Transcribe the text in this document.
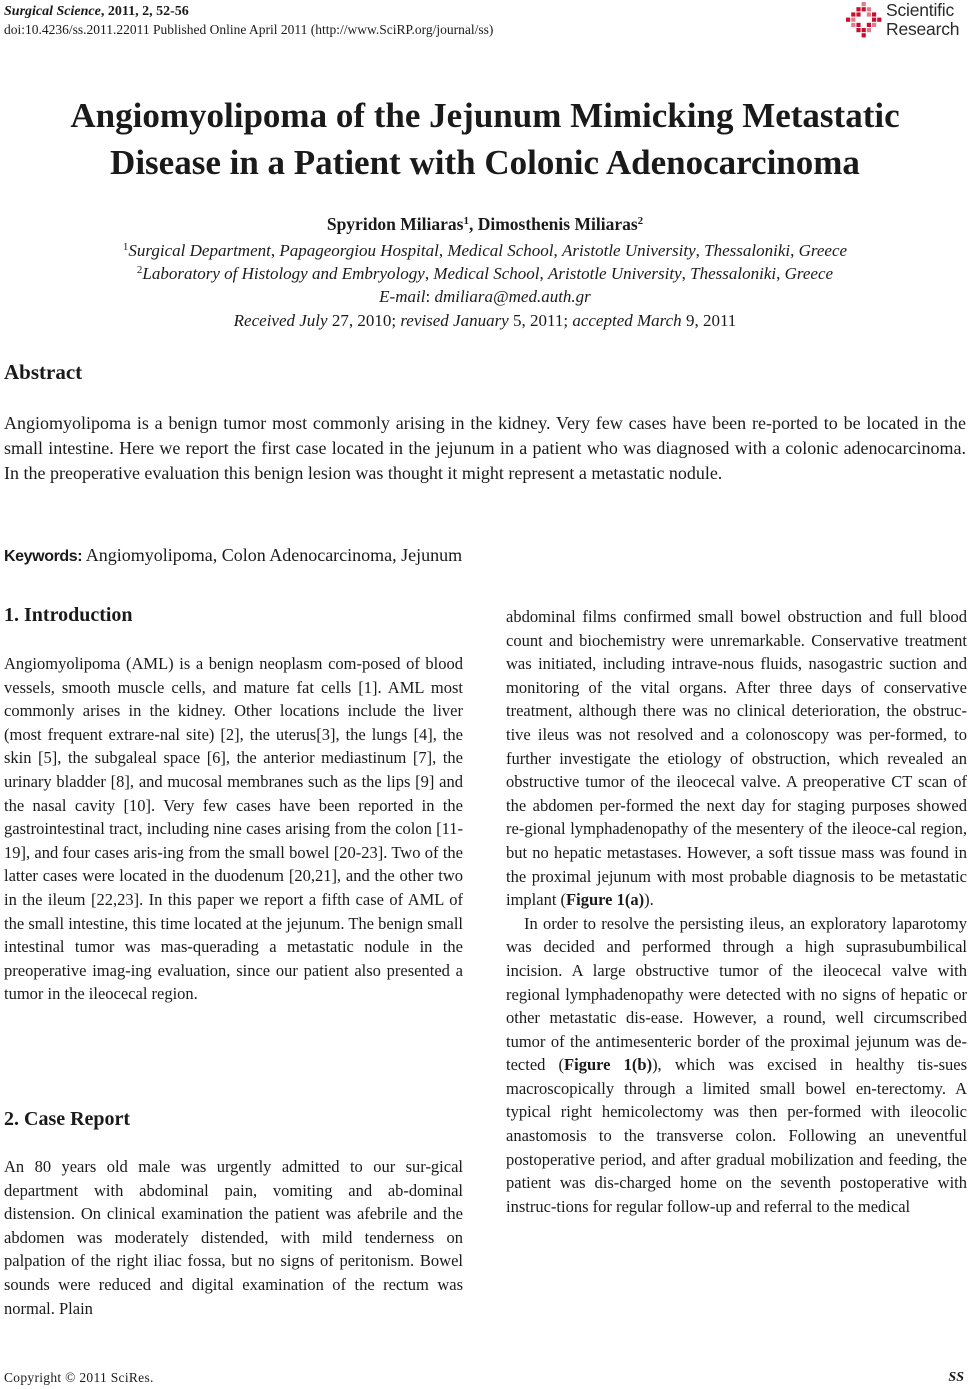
Surgical Science, 2011, 2, 52-56
doi:10.4236/ss.2011.22011 Published Online April 2011 (http://www.SciRP.org/journal/ss)
Scientific
Research
Angiomyolipoma of the Jejunum Mimicking Metastatic
Disease in a Patient with Colonic Adenocarcinoma
Spyridon Miliaras$^1$, Dimosthenis Miliaras$^2$
$^1$Surgical Department, Papageorgiou Hospital, Medical School, Aristotle University, Thessaloniki, Greece
$^2$Laboratory of Histology and Embryology, Medical School, Aristotle University, Thessaloniki, Greece
E-mail: dmiliara@med.auth.gr
Received July 27, 2010; revised January 5, 2011; accepted March 9, 2011
Abstract
Angiomyolipoma is a benign tumor most commonly arising in the kidney. Very few cases have been re-ported to be located in the small intestine. Here we report the first case located in the jejunum in a patient who was diagnosed with a colonic adenocarcinoma. In the preoperative evaluation this benign lesion was thought it might represent a metastatic nodule.
Keywords: Angiomyolipoma, Colon Adenocarcinoma, Jejunum
1. Introduction

Angiomyolipoma (AML) is a benign neoplasm com-posed of blood vessels, smooth muscle cells, and mature fat cells [1]. AML most commonly arises in the kidney. Other locations include the liver (most frequent extrare-nal site) [2], the uterus[3], the lungs [4], the skin [5], the subgaleal space [6], the anterior mediastinum [7], the urinary bladder [8], and mucosal membranes such as the lips [9] and the nasal cavity [10]. Very few cases have been reported in the gastrointestinal tract, including nine cases arising from the colon [11-19], and four cases aris-ing from the small bowel [20-23]. Two of the latter cases were located in the duodenum [20,21], and the other two in the ileum [22,23]. In this paper we report a fifth case of AML of the small intestine, this time located at the jejunum. The benign small intestinal tumor was mas-querading a metastatic nodule in the preoperative imag-ing evaluation, since our patient also presented a tumor in the ileocecal region.

2. Case Report

An 80 years old male was urgently admitted to our sur-gical department with abdominal pain, vomiting and ab-dominal distension. On clinical examination the patient was afebrile and the abdomen was moderately distended, with mild tenderness on palpation of the right iliac fossa, but no signs of peritonism. Bowel sounds were reduced and digital examination of the rectum was normal. Plain

abdominal films confirmed small bowel obstruction and full blood count and biochemistry were unremarkable. Conservative treatment was initiated, including intrave-nous fluids, nasogastric suction and monitoring of the vital organs. After three days of conservative treatment, although there was no clinical deterioration, the obstruc-tive ileus was not resolved and a colonoscopy was per-formed, to further investigate the etiology of obstruction, which revealed an obstructive tumor of the ileocecal valve. A preoperative CT scan of the abdomen per-formed the next day for staging purposes showed re-gional lymphadenopathy of the mesentery of the ileoce-cal region, but no hepatic metastases. However, a soft tissue mass was found in the proximal jejunum with most probable diagnosis to be metastatic implant (Figure 1(a)).

In order to resolve the persisting ileus, an exploratory laparotomy was decided and performed through a high suprasubumbilical incision. A large obstructive tumor of the ileocecal valve with regional lymphadenopathy were detected with no signs of hepatic or other metastatic dis-ease. However, a round, well circumscribed tumor of the antimesenteric border of the proximal jejunum was de-tected (Figure 1(b)), which was excised in healthy tis-sues macroscopically through a limited small bowel en-terectomy. A typical right hemicolectomy was then per-formed with ileocolic anastomosis to the transverse colon. Following an uneventful postoperative period, and after gradual mobilization and feeding, the patient was dis-charged home on the seventh postoperative with instruc-tions for regular follow-up and referral to the medical

Copyright © 2011 SciRes.	SS
